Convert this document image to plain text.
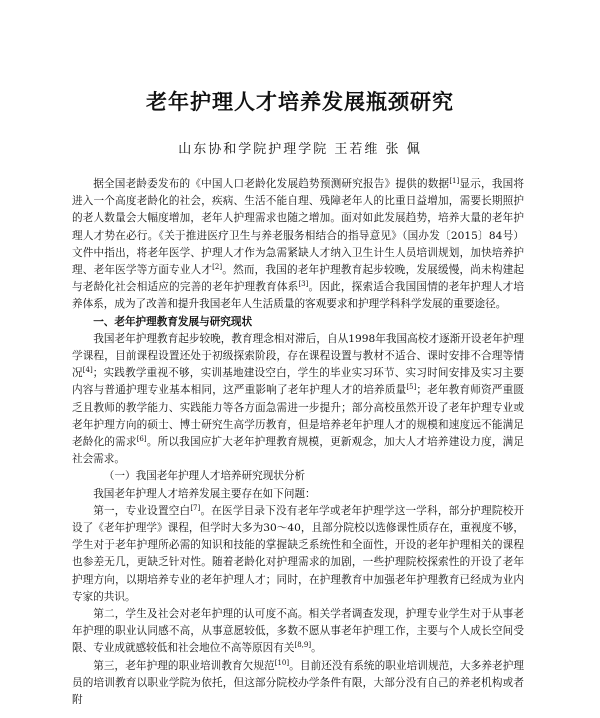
老年护理人才培养发展瓶颈研究
山东协和学院护理学院 王若维 张 佩

据全国老龄委发布的《中国人口老龄化发展趋势预测研究报告》提供的数据[1]显示，我国将进入一个高度老龄化的社会，疾病、生活不能自理、残障老年人的比重日益增加，需要长期照护的老人数量会大幅度增加，老年人护理需求也随之增加。面对如此发展趋势，培养大量的老年护理人才势在必行。《关于推进医疗卫生与养老服务相结合的指导意见》（国办发〔2015〕84号）文件中指出，将老年医学、护理人才作为急需紧缺人才纳入卫生计生人员培训规划，加快培养护理、老年医学等方面专业人才[2]。然而，我国的老年护理教育起步较晚，发展缓慢，尚未构建起与老龄化社会相适应的完善的老年护理教育体系[3]。因此，探索适合我国国情的老年护理人才培养体系，成为了改善和提升我国老年人生活质量的客观要求和护理学科科学发展的重要途径。

一、老年护理教育发展与研究现状

我国老年护理教育起步较晚，教育理念相对滞后，自从1998年我国高校才逐渐开设老年护理学课程，目前课程设置还处于初级探索阶段，存在课程设置与教材不适合、课时安排不合理等情况[4]；实践教学重视不够，实训基地建设空白，学生的毕业实习环节、实习时间安排及实习主要内容与普通护理专业基本相同，这严重影响了老年护理人才的培养质量[5]；老年教育师资严重匮乏且教师的教学能力、实践能力等各方面急需进一步提升；部分高校虽然开设了老年护理专业或老年护理方向的硕士、博士研究生高学历教育，但是培养老年护理人才的规模和速度远不能满足老龄化的需求[6]。所以我国应扩大老年护理教育规模，更新观念，加大人才培养建设力度，满足社会需求。

（一）我国老年护理人才培养研究现状分析

我国老年护理人才培养发展主要存在如下问题：

第一，专业设置空白[7]。在医学目录下没有老年学或老年护理学这一学科，部分护理院校开设了《老年护理学》课程，但学时大多为30～40，且部分院校以选修课性质存在，重视度不够，学生对于老年护理所必需的知识和技能的掌握缺乏系统性和全面性，开设的老年护理相关的课程也参差无几，更缺乏针对性。随着老龄化对护理需求的加剧，一些护理院校探索性的开设了老年护理方向，以期培养专业的老年护理人才；同时，在护理教育中加强老年护理教育已经成为业内专家的共识。

第二，学生及社会对老年护理的认可度不高。相关学者调查发现，护理专业学生对于从事老年护理的职业认同感不高，从事意愿较低，多数不愿从事老年护理工作，主要与个人成长空间受限、专业成就感较低和社会地位不高等原因有关[8,9]。

第三，老年护理的职业培训教育欠规范[10]。目前还没有系统的职业培训规范，大多养老护理员的培训教育以职业学院为依托，但这部分院校办学条件有限，大部分没有自己的养老机构或者附
